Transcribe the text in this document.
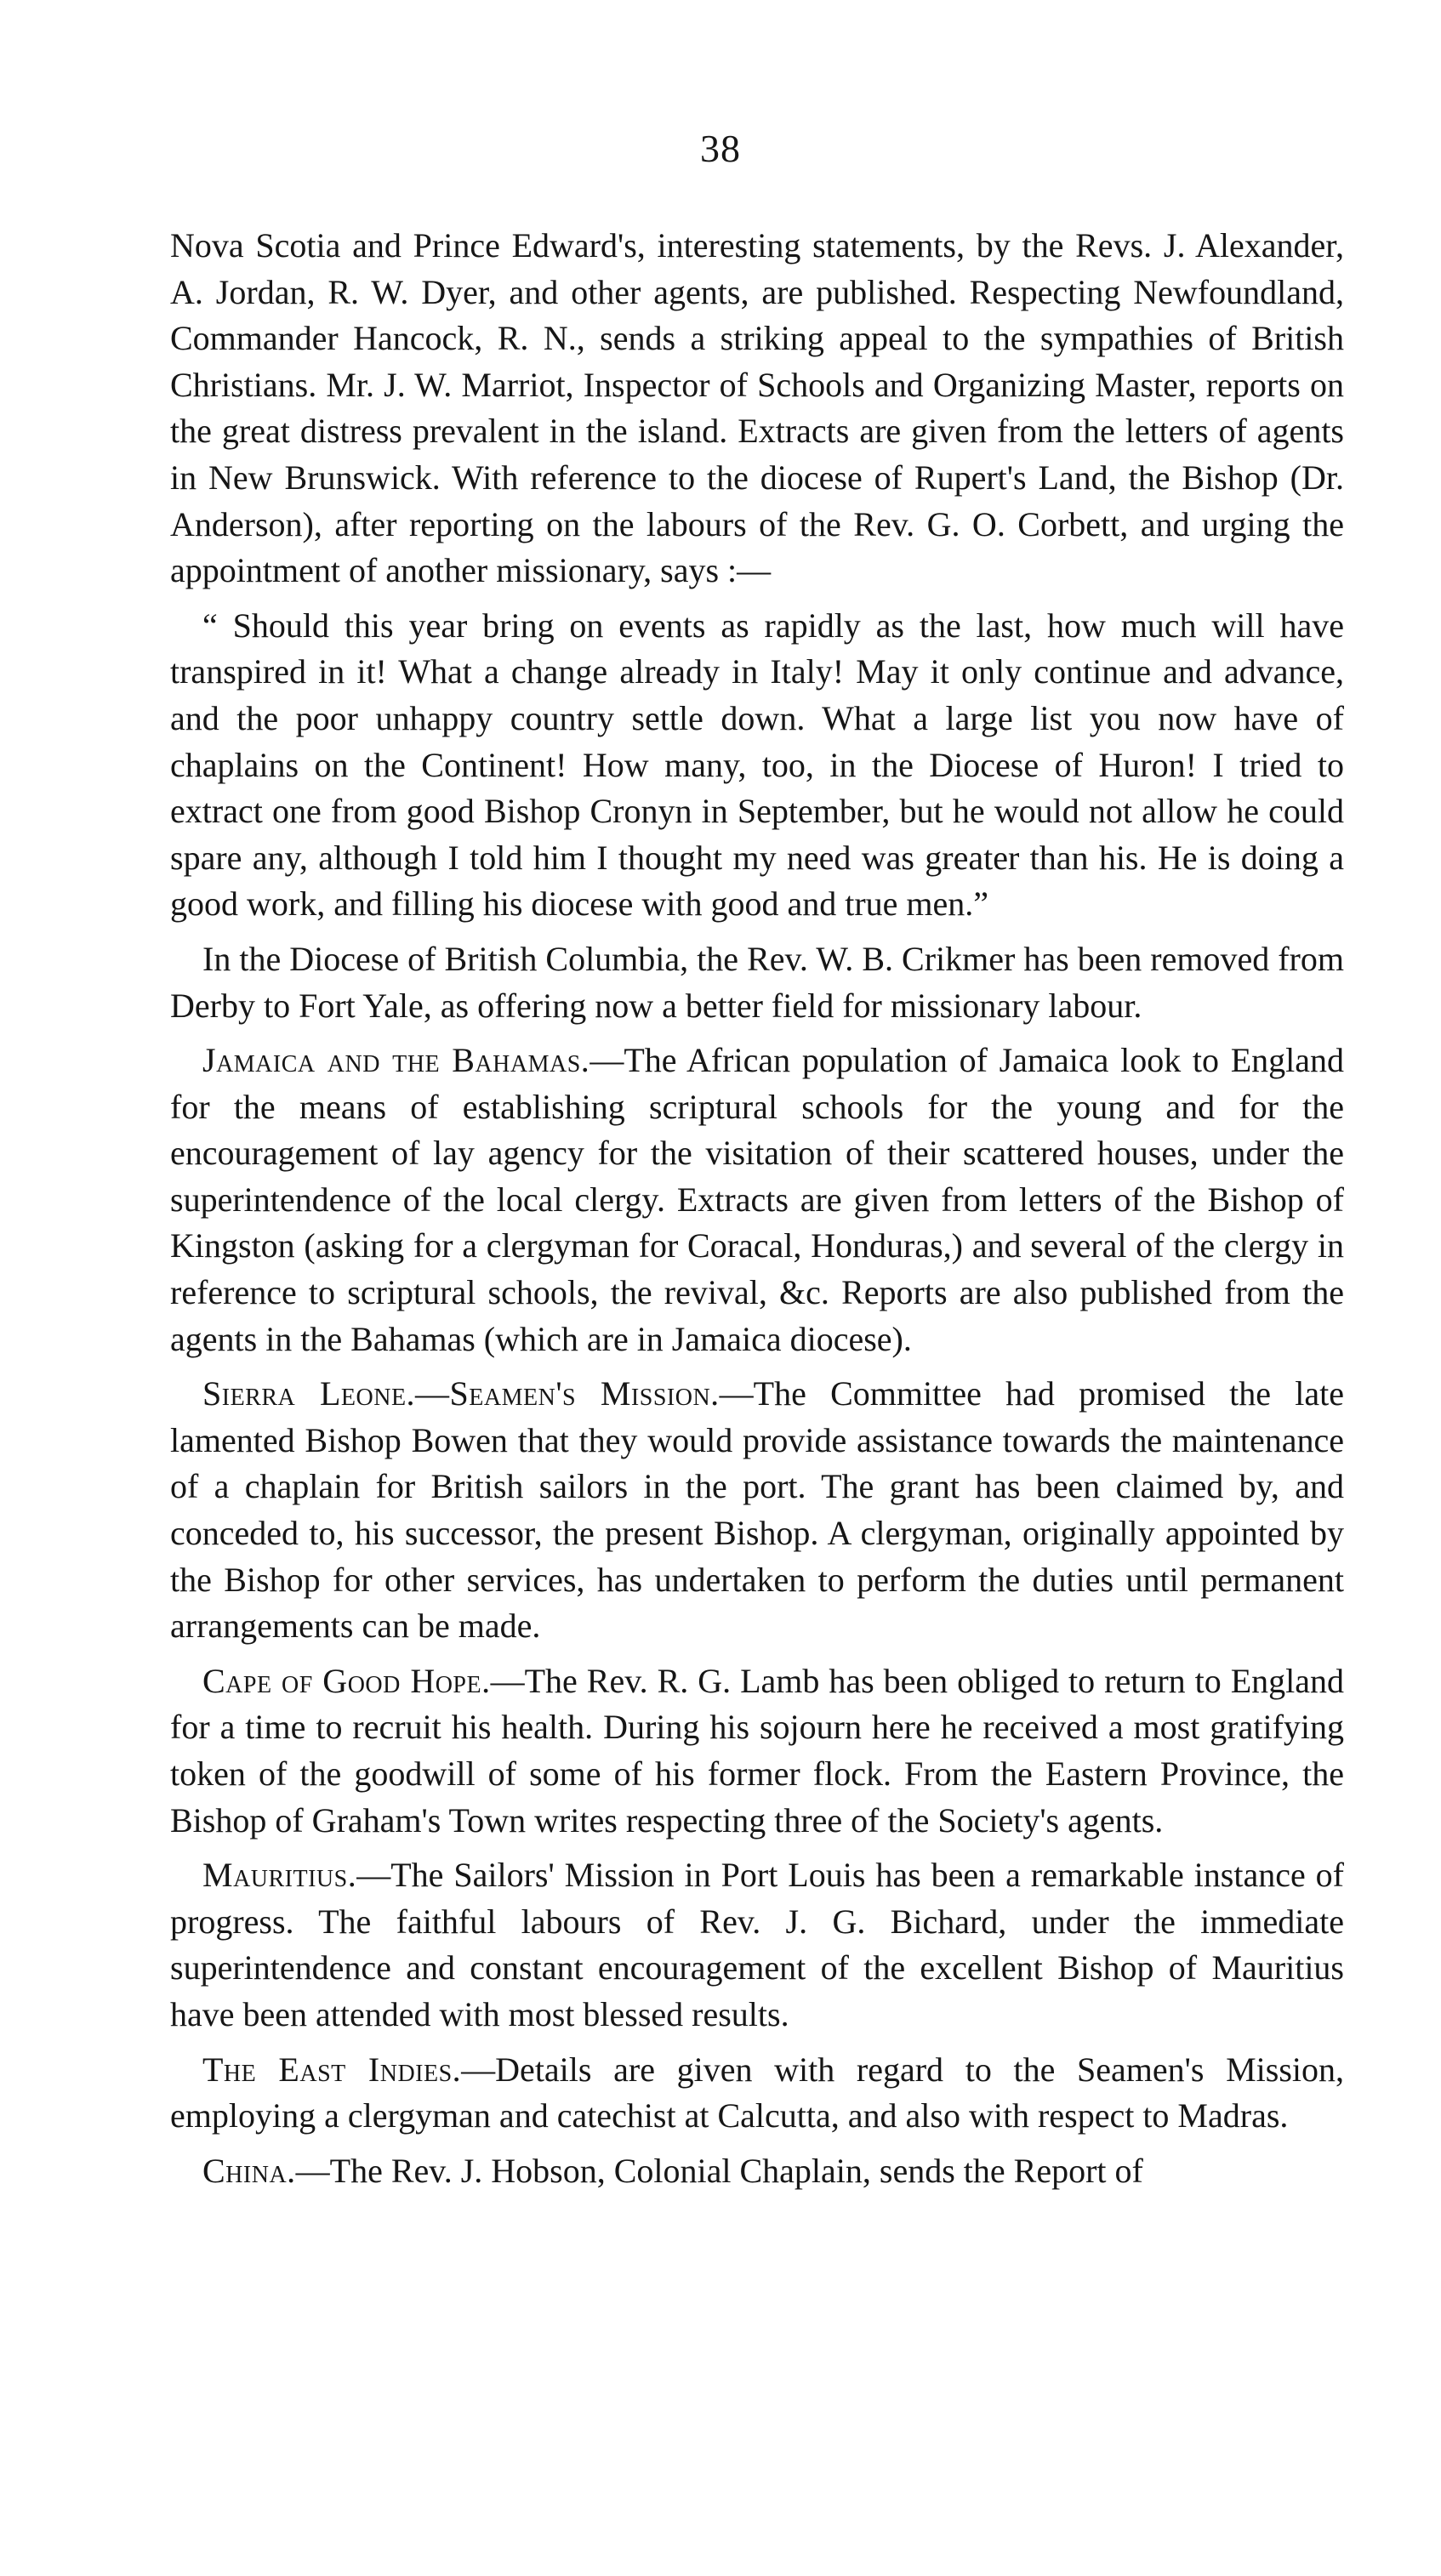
38

Nova Scotia and Prince Edward's, interesting statements, by the Revs. J. Alexander, A. Jordan, R. W. Dyer, and other agents, are published. Respecting Newfoundland, Commander Hancock, R. N., sends a striking appeal to the sympathies of British Christians. Mr. J. W. Marriot, Inspector of Schools and Organizing Master, reports on the great distress prevalent in the island. Extracts are given from the letters of agents in New Brunswick. With reference to the diocese of Rupert's Land, the Bishop (Dr. Anderson), after reporting on the labours of the Rev. G. O. Corbett, and urging the appointment of another missionary, says :—

“ Should this year bring on events as rapidly as the last, how much will have transpired in it! What a change already in Italy! May it only continue and advance, and the poor unhappy country settle down. What a large list you now have of chaplains on the Continent! How many, too, in the Diocese of Huron! I tried to extract one from good Bishop Cronyn in September, but he would not allow he could spare any, although I told him I thought my need was greater than his. He is doing a good work, and filling his diocese with good and true men.”

In the Diocese of British Columbia, the Rev. W. B. Crikmer has been removed from Derby to Fort Yale, as offering now a better field for missionary labour.

Jamaica and the Bahamas.—The African population of Jamaica look to England for the means of establishing scriptural schools for the young and for the encouragement of lay agency for the visitation of their scattered houses, under the superintendence of the local clergy. Extracts are given from letters of the Bishop of Kingston (asking for a clergyman for Coracal, Honduras,) and several of the clergy in reference to scriptural schools, the revival, &c. Reports are also published from the agents in the Bahamas (which are in Jamaica diocese).

Sierra Leone.—Seamen's Mission.—The Committee had promised the late lamented Bishop Bowen that they would provide assistance towards the maintenance of a chaplain for British sailors in the port. The grant has been claimed by, and conceded to, his successor, the present Bishop. A clergyman, originally appointed by the Bishop for other services, has undertaken to perform the duties until permanent arrangements can be made.

Cape of Good Hope.—The Rev. R. G. Lamb has been obliged to return to England for a time to recruit his health. During his sojourn here he received a most gratifying token of the goodwill of some of his former flock. From the Eastern Province, the Bishop of Graham's Town writes respecting three of the Society's agents.

Mauritius.—The Sailors' Mission in Port Louis has been a remarkable instance of progress. The faithful labours of Rev. J. G. Bichard, under the immediate superintendence and constant encouragement of the excellent Bishop of Mauritius have been attended with most blessed results.

The East Indies.—Details are given with regard to the Seamen's Mission, employing a clergyman and catechist at Calcutta, and also with respect to Madras.

China.—The Rev. J. Hobson, Colonial Chaplain, sends the Report of
